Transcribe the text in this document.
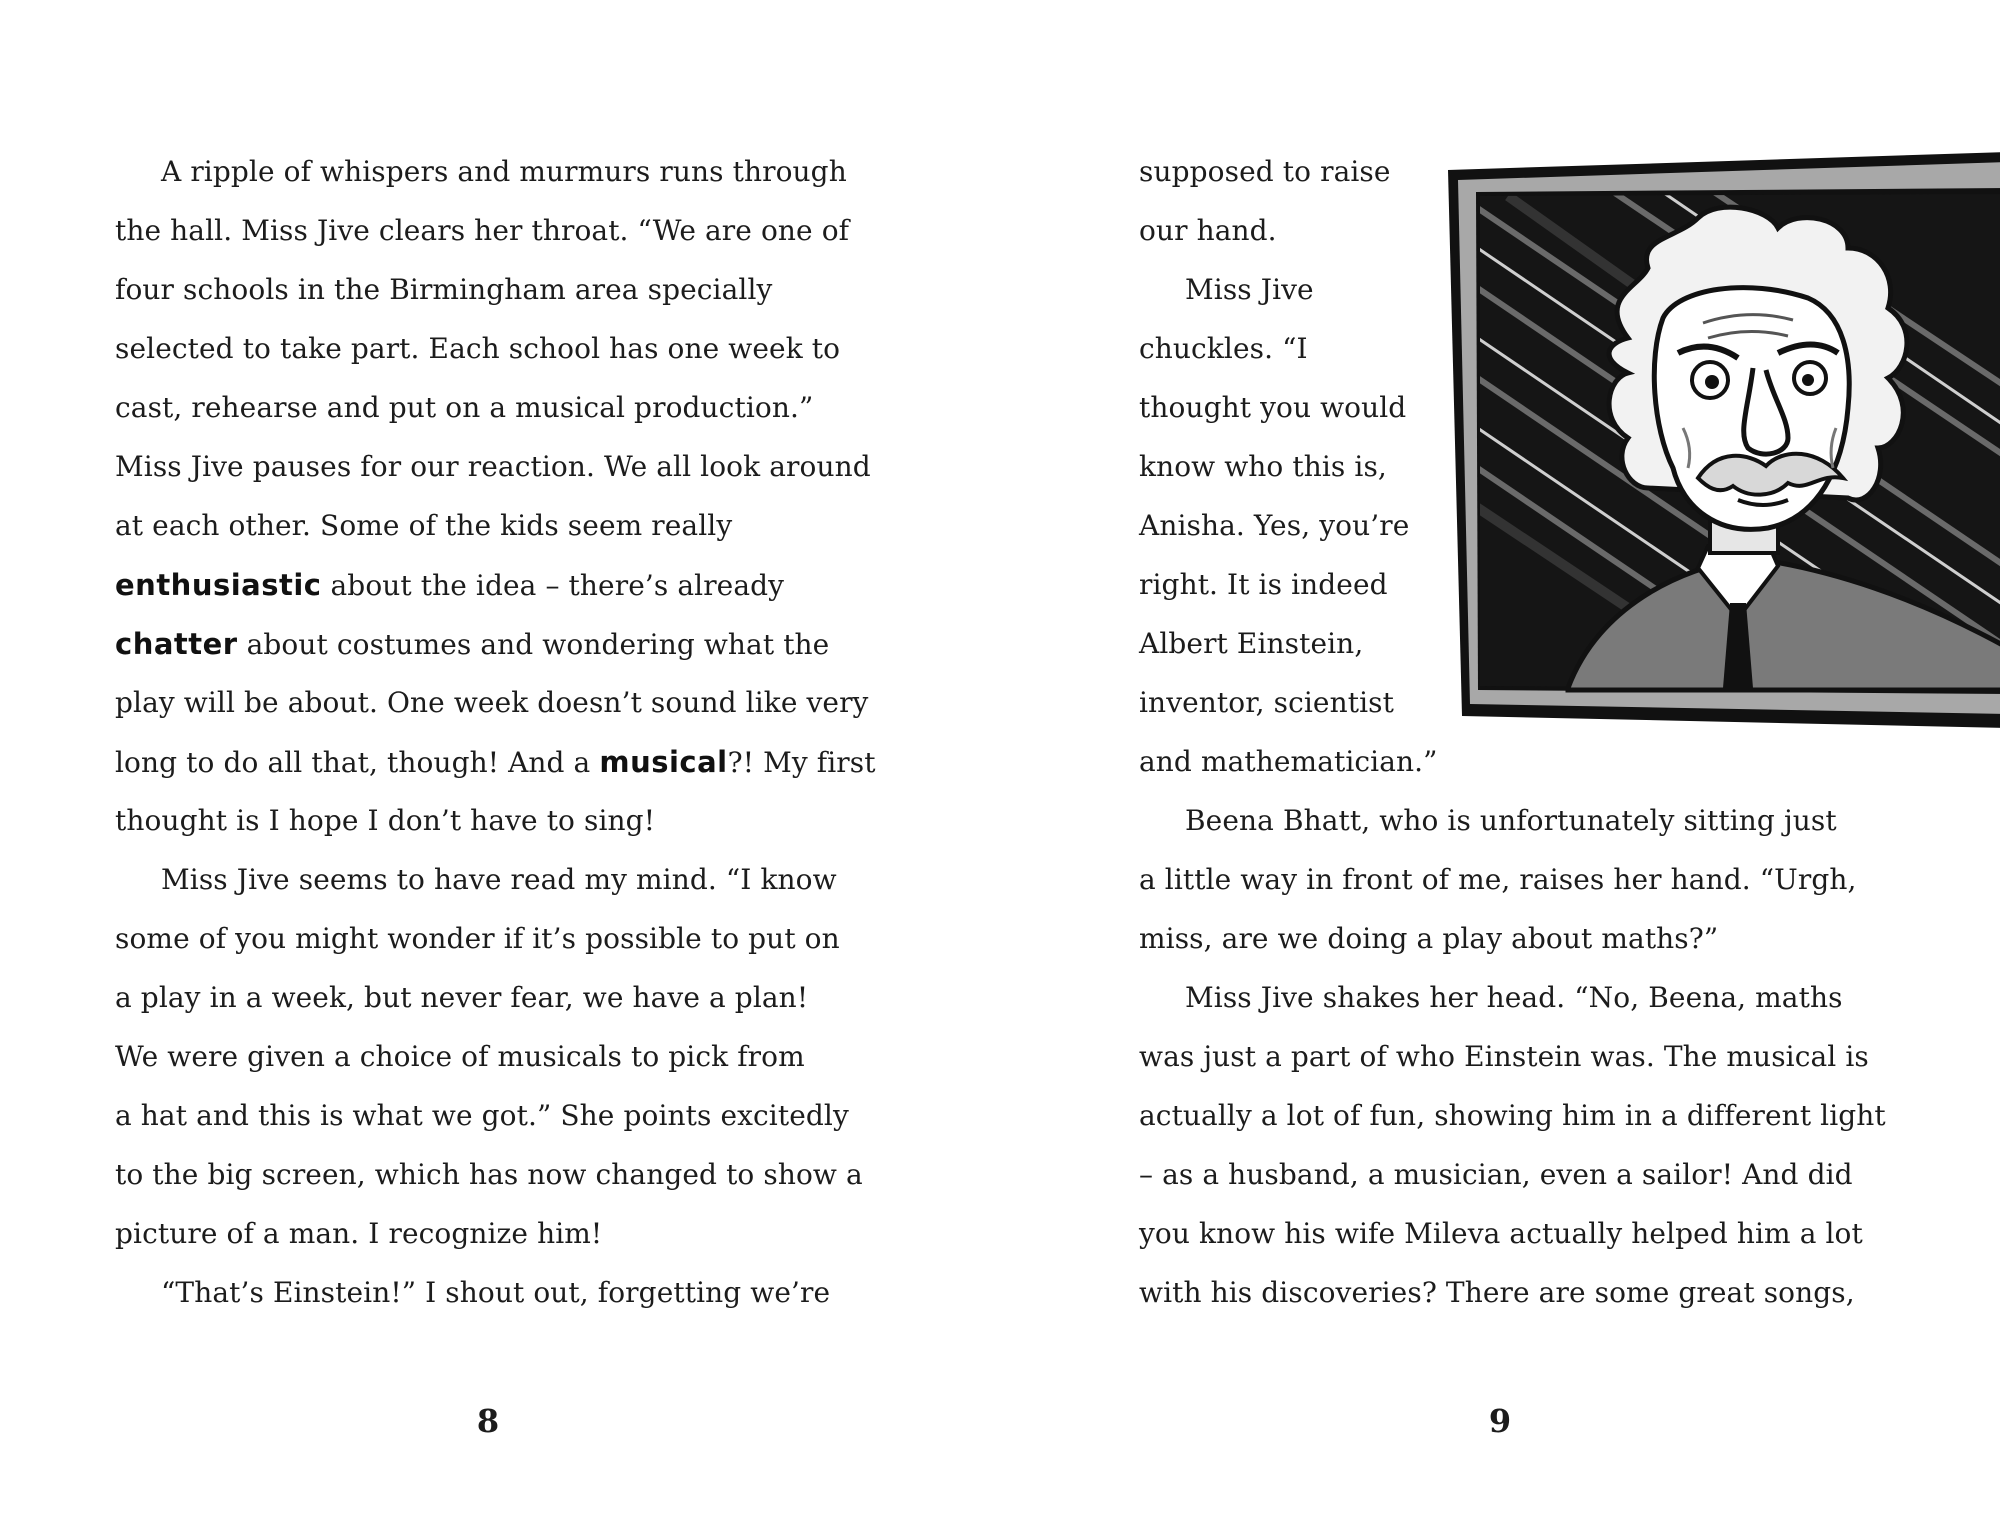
A ripple of whispers and murmurs runs through
the hall. Miss Jive clears her throat. “We are one of
four schools in the Birmingham area specially
selected to take part. Each school has one week to
cast, rehearse and put on a musical production.”
Miss Jive pauses for our reaction. We all look around
at each other. Some of the kids seem really
enthusiastic about the idea – there’s already
chatter about costumes and wondering what the
play will be about. One week doesn’t sound like very
long to do all that, though! And a musical?! My first
thought is I hope I don’t have to sing!
Miss Jive seems to have read my mind. “I know
some of you might wonder if it’s possible to put on
a play in a week, but never fear, we have a plan!
We were given a choice of musicals to pick from
a hat and this is what we got.” She points excitedly
to the big screen, which has now changed to show a
picture of a man. I recognize him!
“That’s Einstein!” I shout out, forgetting we’re
8
supposed to raise
our hand.
Miss Jive
chuckles. “I
thought you would
know who this is,
Anisha. Yes, you’re
right. It is indeed
Albert Einstein,
inventor, scientist
and mathematician.”
Beena Bhatt, who is unfortunately sitting just
a little way in front of me, raises her hand. “Urgh,
miss, are we doing a play about maths?”
Miss Jive shakes her head. “No, Beena, maths
was just a part of who Einstein was. The musical is
actually a lot of fun, showing him in a different light
– as a husband, a musician, even a sailor! And did
you know his wife Mileva actually helped him a lot
with his discoveries? There are some great songs,
9
